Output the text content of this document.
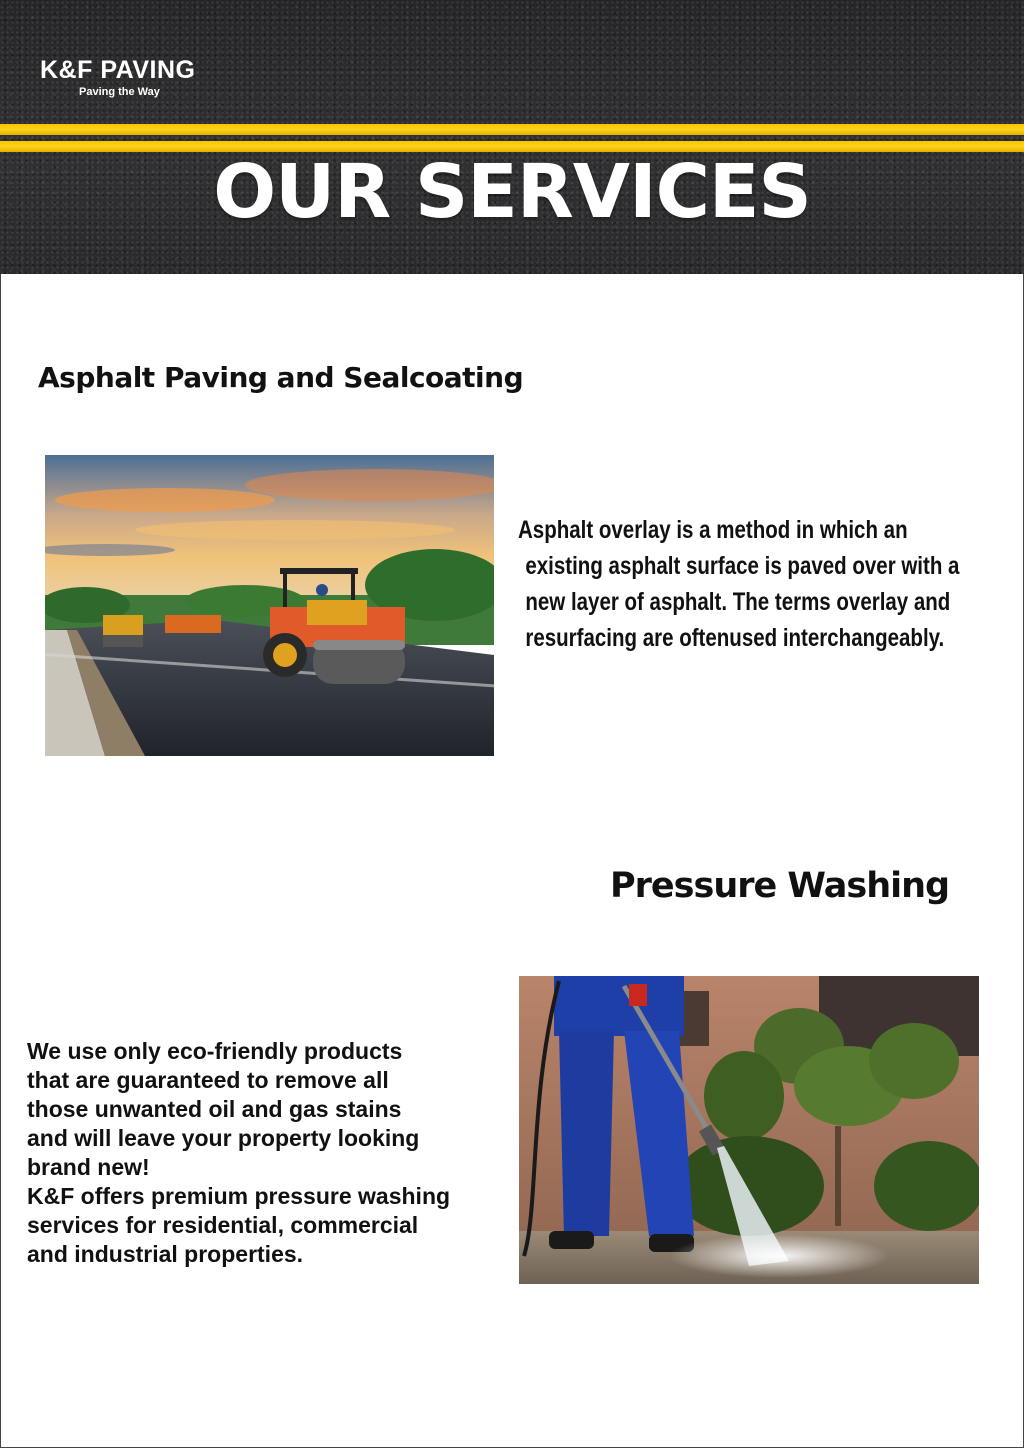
K&F PAVING
Paving the Way
OUR SERVICES
Asphalt Paving and Sealcoating

Asphalt overlay is a method in which an
existing asphalt surface is paved over with a
new layer of asphalt. The terms overlay and
resurfacing are oftenused interchangeably.

Pressure Washing

We use only eco-friendly products
that are guaranteed to remove all
those unwanted oil and gas stains
and will leave your property looking
brand new!
K&F offers premium pressure washing
services for residential, commercial
and industrial properties.
